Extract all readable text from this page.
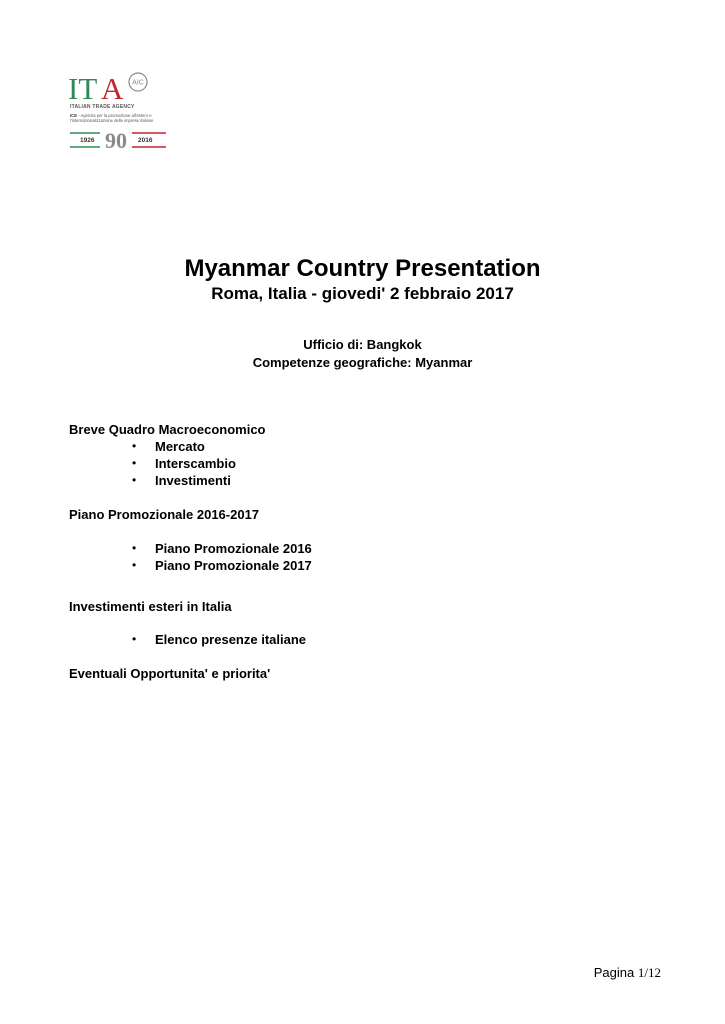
IT A AIC
ITALIAN TRADE AGENCY
ICE - Agenzia per la promozione all'estero e l'internazionalizzazione delle imprese italiane
90
1926	2016
Myanmar Country Presentation
Roma, Italia - giovedi' 2 febbraio 2017
Ufficio di: Bangkok
Competenze geografiche: Myanmar
Breve Quadro Macroeconomico
• Mercato
• Interscambio
• Investimenti
Piano Promozionale 2016-2017
• Piano Promozionale 2016
• Piano Promozionale 2017
Investimenti esteri in Italia
• Elenco presenze italiane
Eventuali Opportunita' e priorita'
Pagina 1/12
